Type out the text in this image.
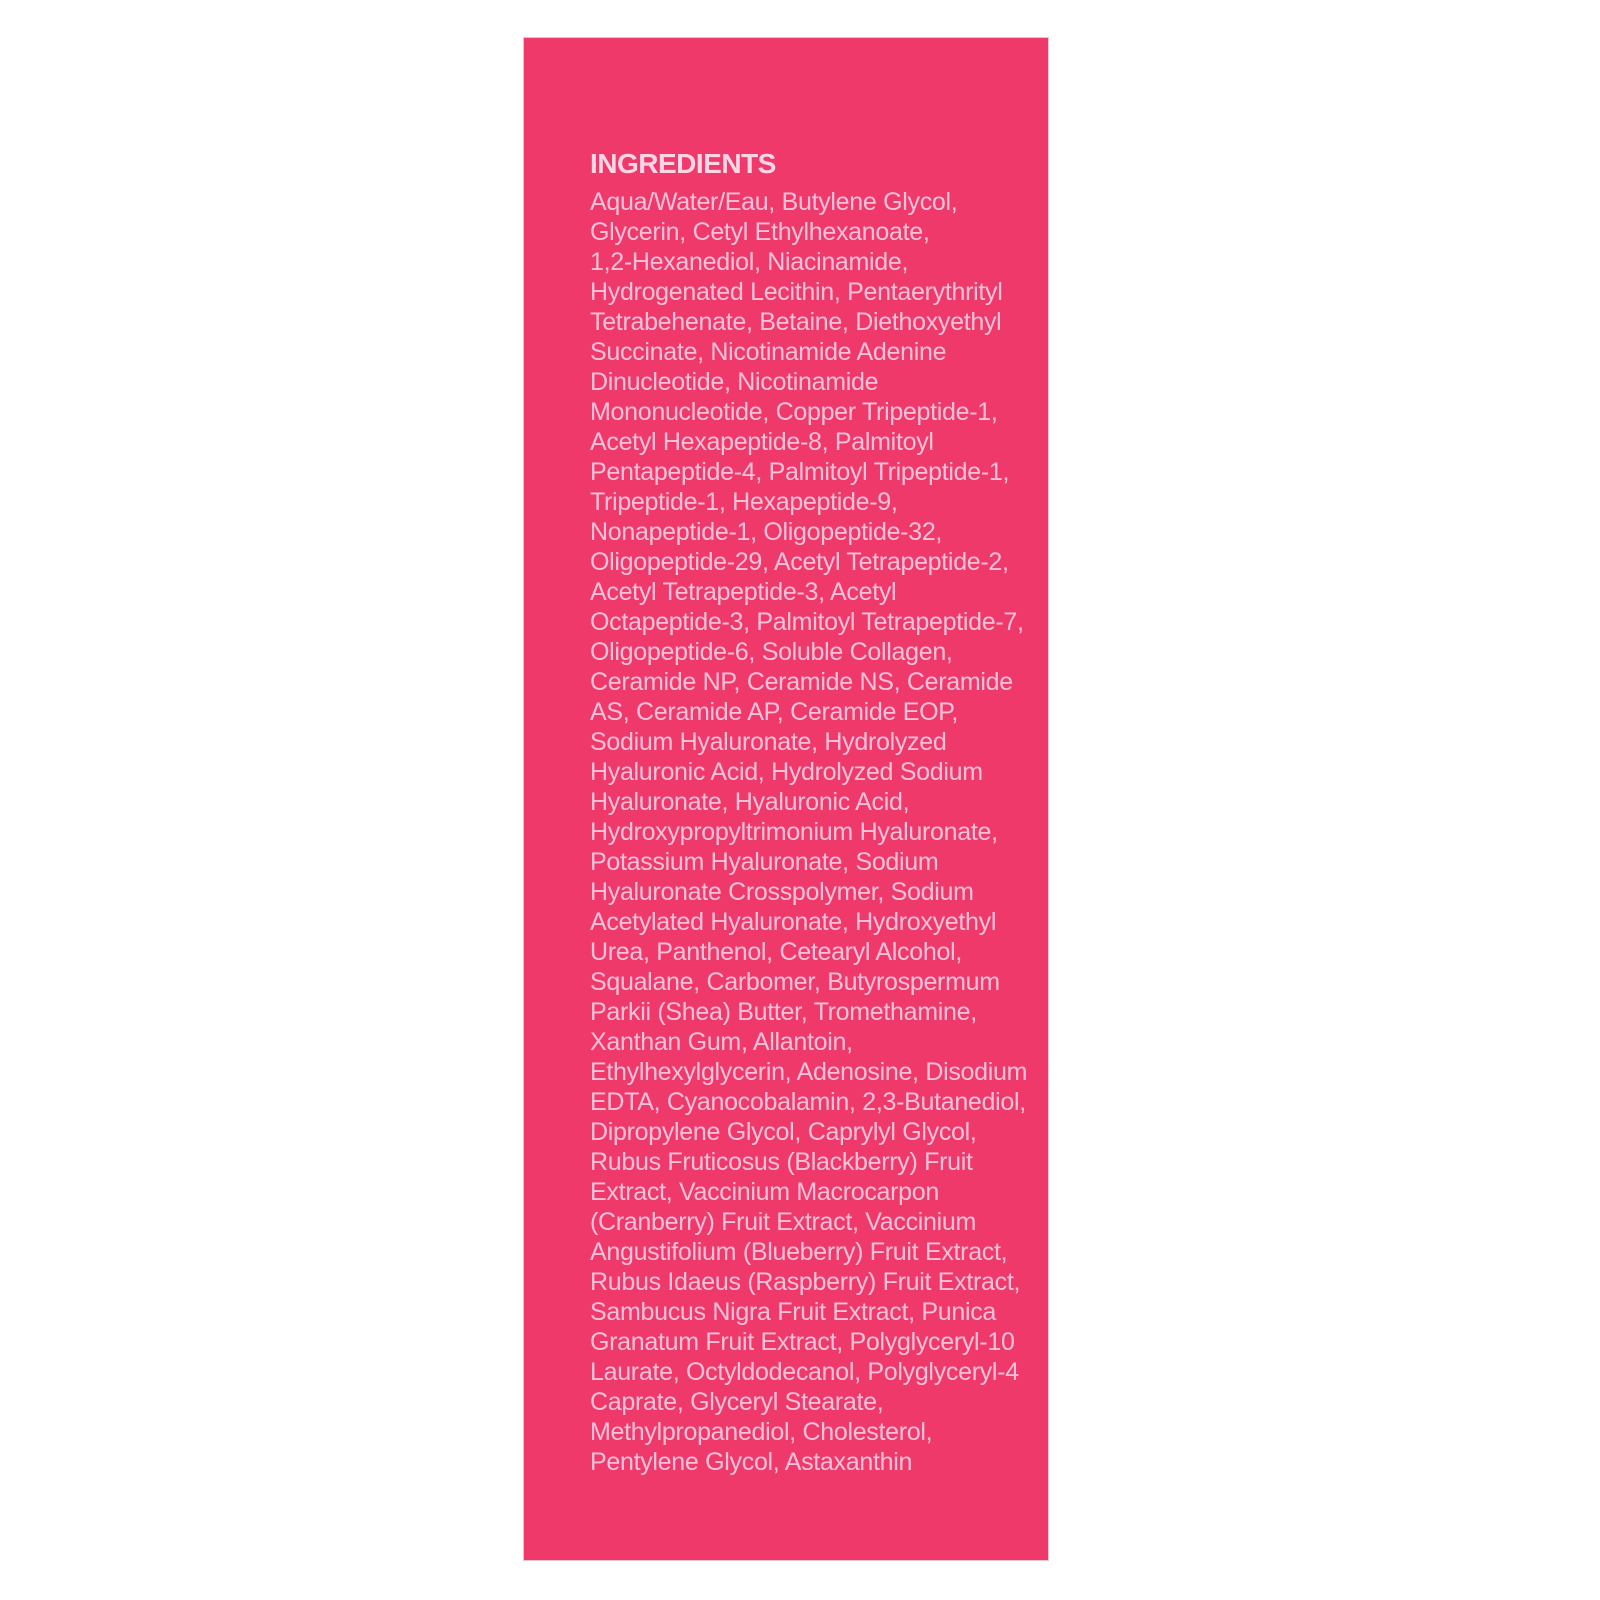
INGREDIENTS
Aqua/Water/Eau, Butylene Glycol,
Glycerin, Cetyl Ethylhexanoate,
1,2-Hexanediol, Niacinamide,
Hydrogenated Lecithin, Pentaerythrityl
Tetrabehenate, Betaine, Diethoxyethyl
Succinate, Nicotinamide Adenine
Dinucleotide, Nicotinamide
Mononucleotide, Copper Tripeptide-1,
Acetyl Hexapeptide-8, Palmitoyl
Pentapeptide-4, Palmitoyl Tripeptide-1,
Tripeptide-1, Hexapeptide-9,
Nonapeptide-1, Oligopeptide-32,
Oligopeptide-29, Acetyl Tetrapeptide-2,
Acetyl Tetrapeptide-3, Acetyl
Octapeptide-3, Palmitoyl Tetrapeptide-7,
Oligopeptide-6, Soluble Collagen,
Ceramide NP, Ceramide NS, Ceramide
AS, Ceramide AP, Ceramide EOP,
Sodium Hyaluronate, Hydrolyzed
Hyaluronic Acid, Hydrolyzed Sodium
Hyaluronate, Hyaluronic Acid,
Hydroxypropyltrimonium Hyaluronate,
Potassium Hyaluronate, Sodium
Hyaluronate Crosspolymer, Sodium
Acetylated Hyaluronate, Hydroxyethyl
Urea, Panthenol, Cetearyl Alcohol,
Squalane, Carbomer, Butyrospermum
Parkii (Shea) Butter, Tromethamine,
Xanthan Gum, Allantoin,
Ethylhexylglycerin, Adenosine, Disodium
EDTA, Cyanocobalamin, 2,3-Butanediol,
Dipropylene Glycol, Caprylyl Glycol,
Rubus Fruticosus (Blackberry) Fruit
Extract, Vaccinium Macrocarpon
(Cranberry) Fruit Extract, Vaccinium
Angustifolium (Blueberry) Fruit Extract,
Rubus Idaeus (Raspberry) Fruit Extract,
Sambucus Nigra Fruit Extract, Punica
Granatum Fruit Extract, Polyglyceryl-10
Laurate, Octyldodecanol, Polyglyceryl-4
Caprate, Glyceryl Stearate,
Methylpropanediol, Cholesterol,
Pentylene Glycol, Astaxanthin
